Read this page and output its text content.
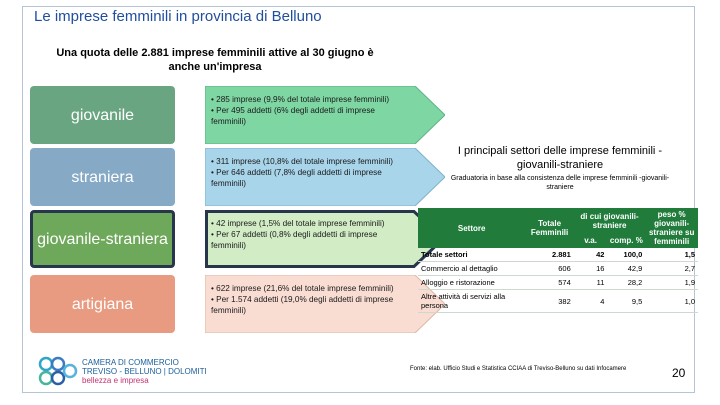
Le imprese femminili in provincia di Belluno
Una quota delle 2.881 imprese femminili attive al 30 giugno è anche un'impresa
giovanile
• 285 imprese (9,9% del totale imprese femminili)
• Per 495 addetti (6% degli addetti di imprese femminili)
straniera
• 311 imprese (10,8% del totale imprese femminili)
• Per 646 addetti (7,8% degli addetti di imprese femminili)
giovanile-straniera
• 42 imprese (1,5% del totale imprese femminili)
• Per 67 addetti (0,8% degli addetti di imprese femminili)
artigiana
• 622 imprese (21,6% del totale imprese femminili)
• Per 1.574 addetti (19,0% degli addetti di imprese femminili)
I principali settori delle imprese femminili -giovanili-straniere
Graduatoria in base alla consistenza delle imprese femminili -giovanili-straniere
Settore	Totale Femminili	di cui giovanili-straniere		peso % giovanili-straniere su femminili
		v.a.	comp. %	
Totale settori	2.881	42	100,0	1,5
Commercio al dettaglio	606	16	42,9	2,7
Alloggio e ristorazione	574	11	28,2	1,9
Altre attività di servizi alla persona	382	4	9,5	1,0
CAMERA DI COMMERCIO
TREVISO - BELLUNO | DOLOMITI
bellezza e impresa
Fonte: elab. Ufficio Studi e Statistica CCIAA di Treviso-Belluno su dati Infocamere	20
